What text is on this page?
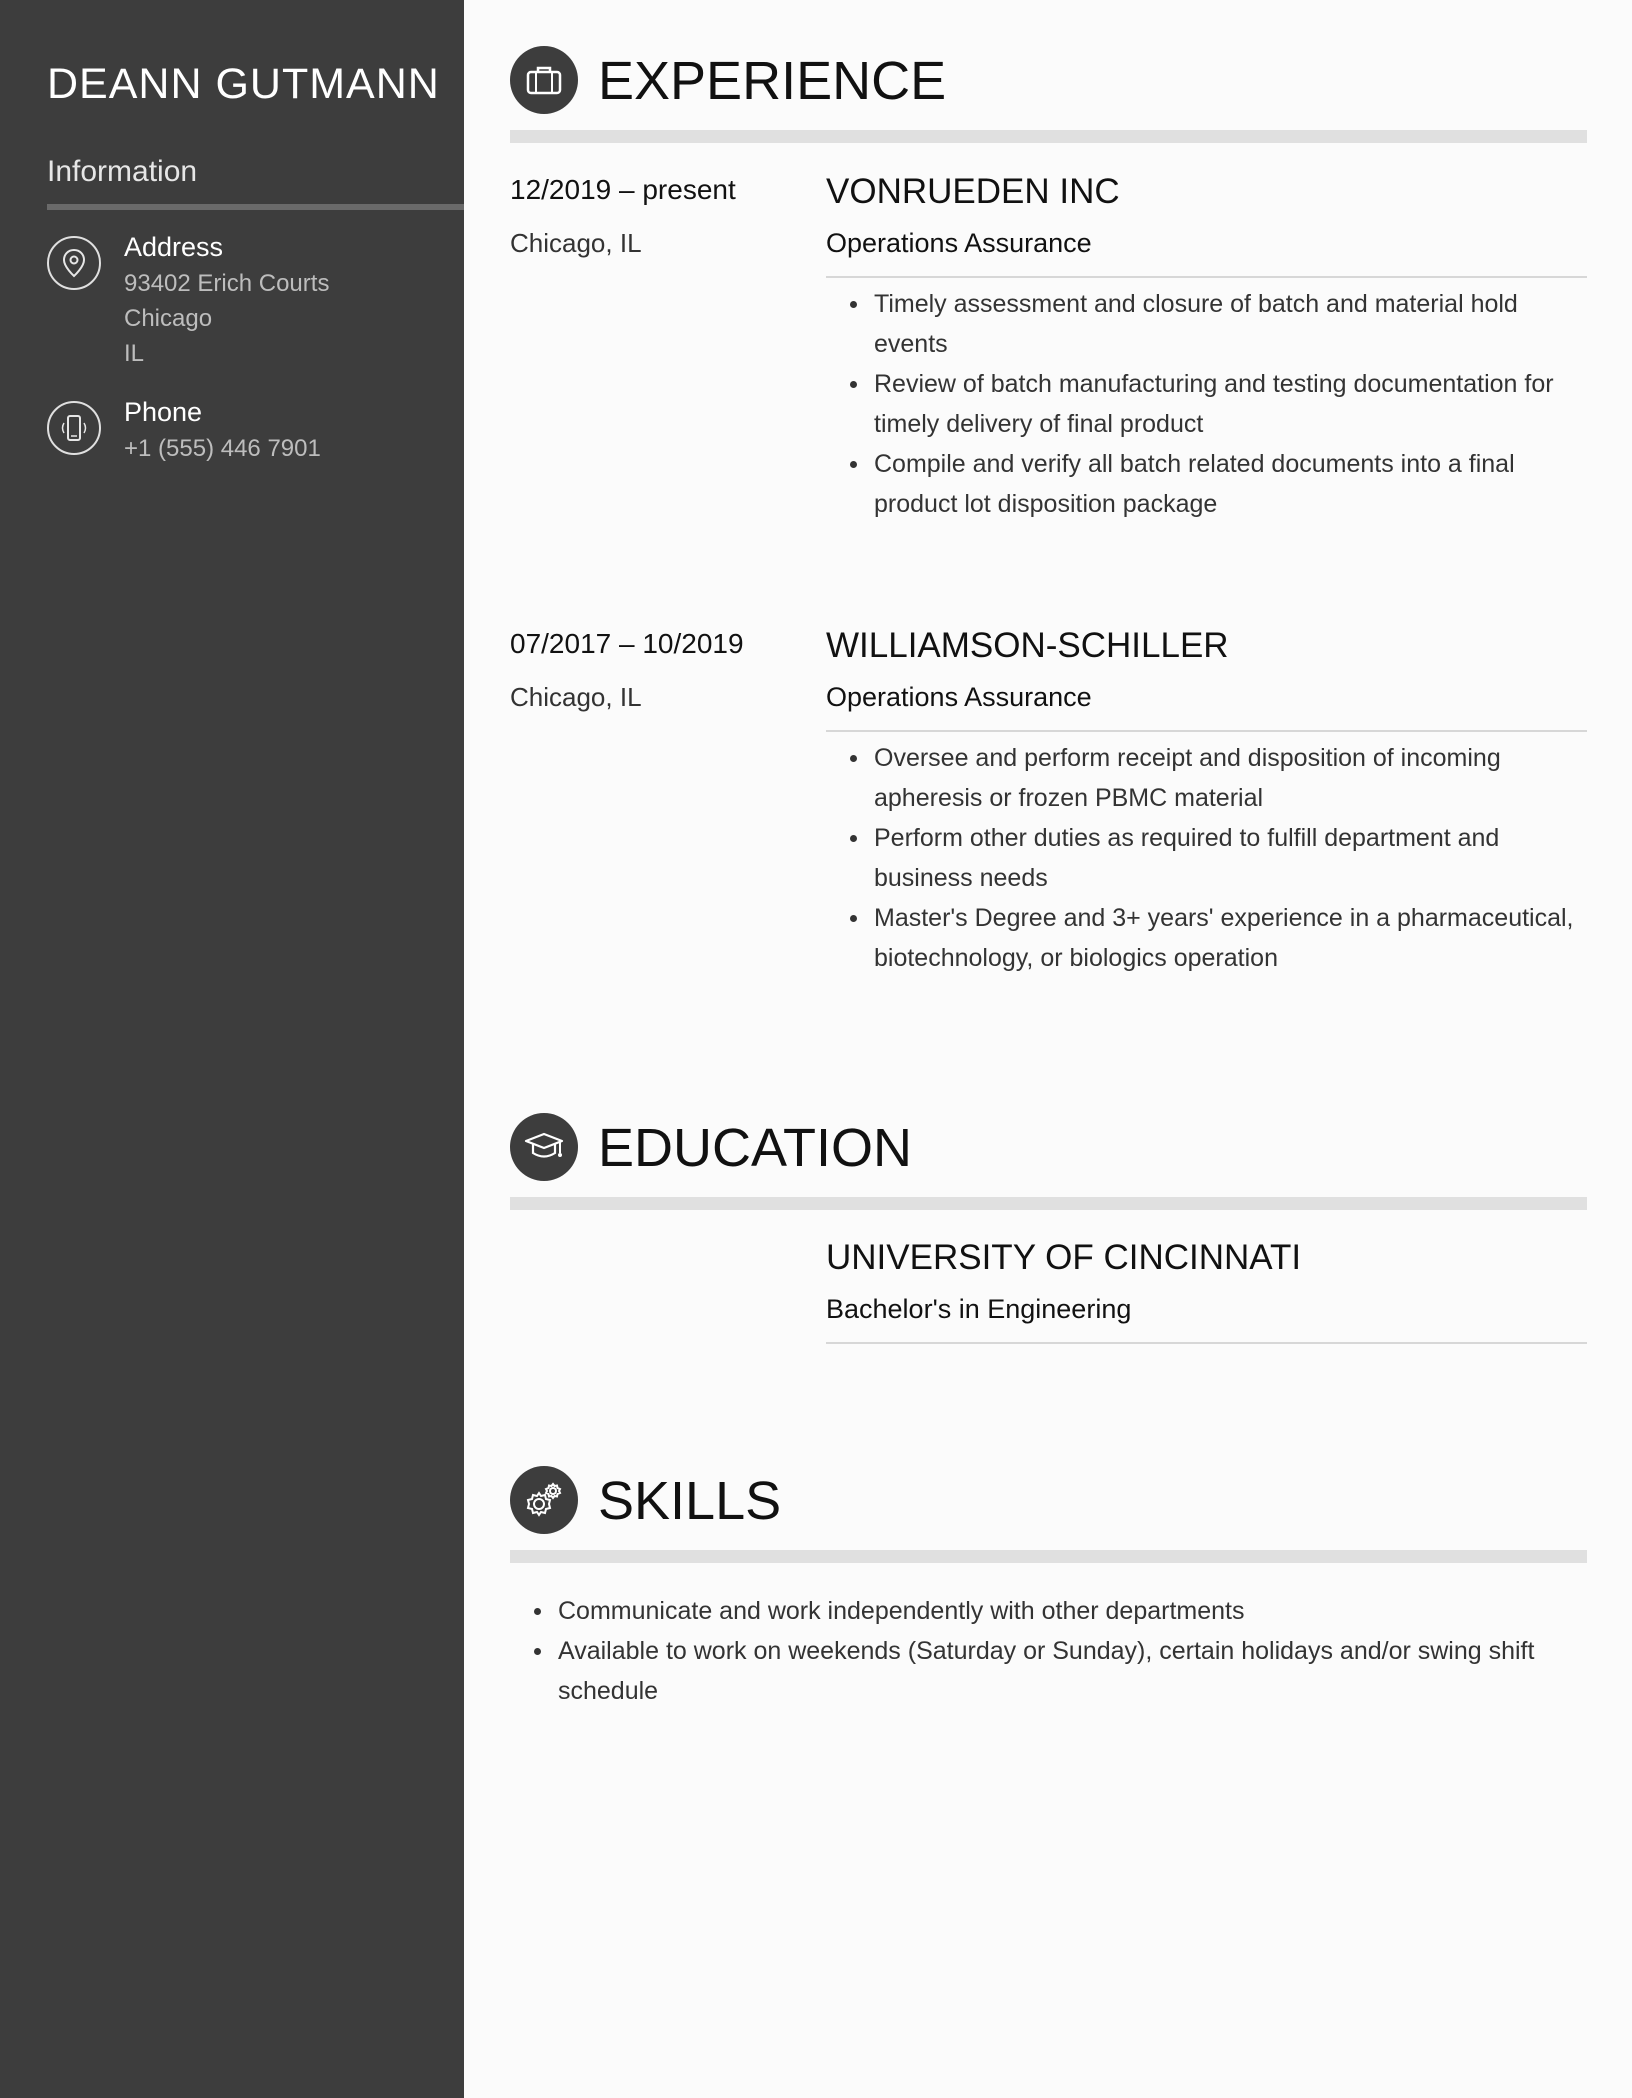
DEANN GUTMANN
Information
Address
93402 Erich Courts
Chicago
IL
Phone
+1 (555) 446 7901
EXPERIENCE
12/2019 – present
Chicago, IL
VONRUEDEN INC
Operations Assurance
Timely assessment and closure of batch and material hold events
Review of batch manufacturing and testing documentation for timely delivery of final product
Compile and verify all batch related documents into a final product lot disposition package
07/2017 – 10/2019
Chicago, IL
WILLIAMSON-SCHILLER
Operations Assurance
Oversee and perform receipt and disposition of incoming apheresis or frozen PBMC material
Perform other duties as required to fulfill department and business needs
Master's Degree and 3+ years' experience in a pharmaceutical, biotechnology, or biologics operation
EDUCATION
UNIVERSITY OF CINCINNATI
Bachelor's in Engineering
SKILLS
Communicate and work independently with other departments
Available to work on weekends (Saturday or Sunday), certain holidays and/or swing shift schedule
